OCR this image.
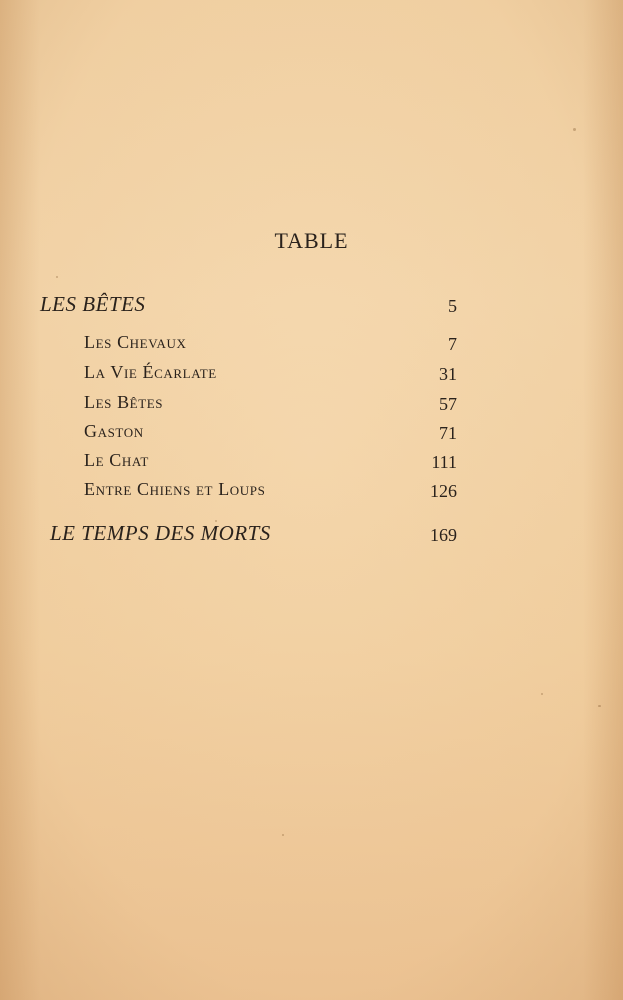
TABLE
LES BÊTES	5
Les Chevaux	7
La Vie Écarlate	31
Les Bêtes	57
Gaston	71
Le Chat	111
Entre Chiens et Loups	126
LE TEMPS DES MORTS	169
